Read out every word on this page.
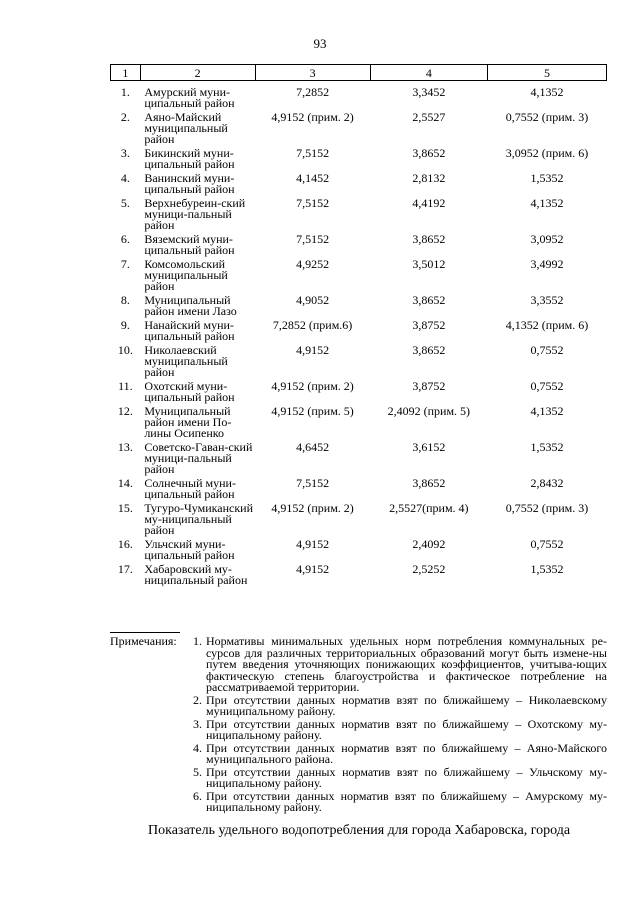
93
1	2	3	4	5
1.	Амурский муни-ципальный район	7,2852	3,3452	4,1352
2.	Аяно-Майский муниципальный район	4,9152 (прим. 2)	2,5527	0,7552 (прим. 3)
3.	Бикинский муни-ципальный район	7,5152	3,8652	3,0952 (прим. 6)
4.	Ванинский муни-ципальный район	4,1452	2,8132	1,5352
5.	Верхнебуреин-ский муници-пальный район	7,5152	4,4192	4,1352
6.	Вяземский муни-ципальный район	7,5152	3,8652	3,0952
7.	Комсомольский муниципальный район	4,9252	3,5012	3,4992
8.	Муниципальный район имени Лазо	4,9052	3,8652	3,3552
9.	Нанайский муни-ципальный район	7,2852 (прим.6)	3,8752	4,1352 (прим. 6)
10.	Николаевский муниципальный район	4,9152	3,8652	0,7552
11.	Охотский муни-ципальный район	4,9152 (прим. 2)	3,8752	0,7552
12.	Муниципальный район имени По-лины Осипенко	4,9152 (прим. 5)	2,4092 (прим. 5)	4,1352
13.	Советско-Гаван-ский муници-пальный район	4,6452	3,6152	1,5352
14.	Солнечный муни-ципальный район	7,5152	3,8652	2,8432
15.	Тугуро-Чумиканский му-ниципальный район	4,9152 (прим. 2)	2,5527(прим. 4)	0,7552 (прим. 3)
16.	Ульчский муни-ципальный район	4,9152	2,4092	0,7552
17.	Хабаровский му-ниципальный район	4,9152	2,5252	1,5352
Примечания: 1. Нормативы минимальных удельных норм потребления коммунальных ре-сурсов для различных территориальных образований могут быть измене-ны путем введения уточняющих понижающих коэффициентов, учитыва-ющих фактическую степень благоустройства и фактическое потребление на рассматриваемой территории.
2. При отсутствии данных норматив взят по ближайшему – Николаевскому муниципальному району.
3. При отсутствии данных норматив взят по ближайшему – Охотскому му-ниципальному району.
4. При отсутствии данных норматив взят по ближайшему – Аяно-Майского муниципального района.
5. При отсутствии данных норматив взят по ближайшему – Ульчскому му-ниципальному району.
6. При отсутствии данных норматив взят по ближайшему – Амурскому му-ниципальному району.
Показатель удельного водопотребления для города Хабаровска, города
